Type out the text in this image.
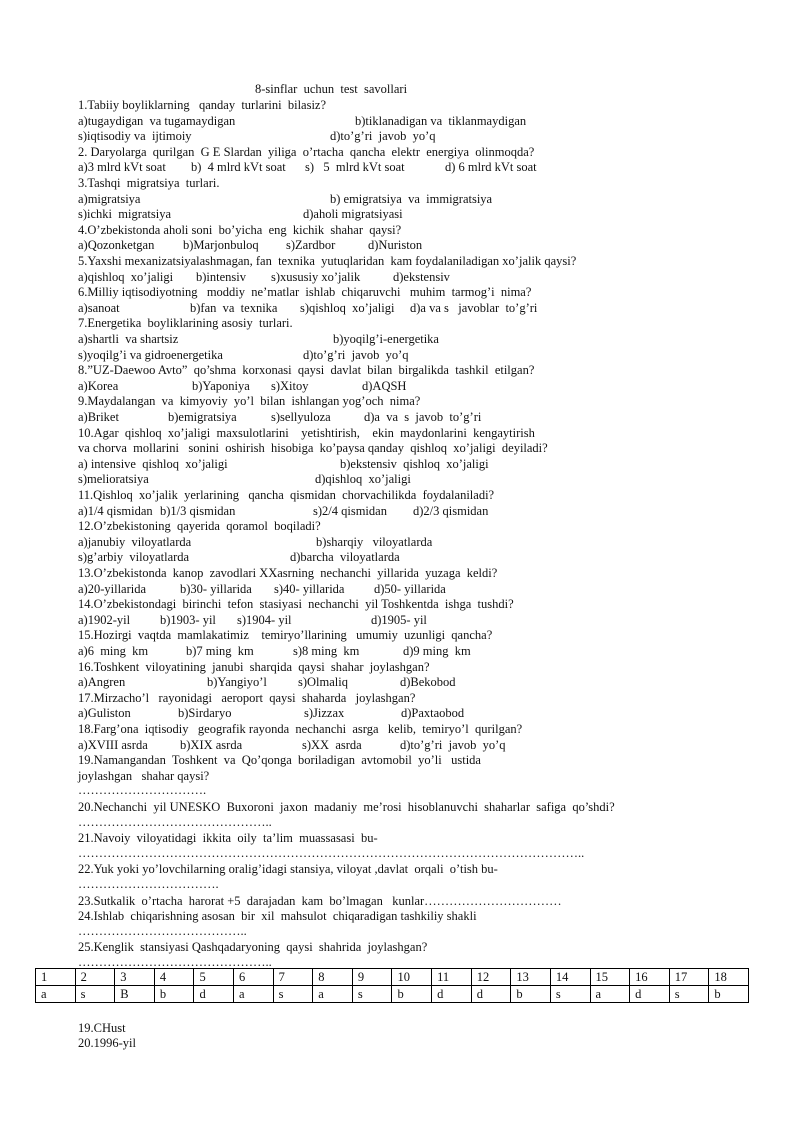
8-sinflar  uchun  test  savollari
1.Tabiiy boyliklarning   qanday  turlarini  bilasiz?
a)tugaydigan  va tugamaydigan	b)tiklanadigan va  tiklanmaydigan
s)iqtisodiy va  ijtimoiy	d)to’g’ri  javob  yo’q
2. Daryolarga  qurilgan  G E Slardan  yiliga  o’rtacha  qancha  elektr  energiya  olinmoqda?
a)3 mlrd kVt soat b)  4 mlrd kVt soat s)   5  mlrd kVt soat	d) 6 mlrd kVt soat
3.Tashqi  migratsiya  turlari.
a)migratsiya	b) emigratsiya  va  immigratsiya
s)ichki  migratsiya	d)aholi migratsiyasi
4.O’zbekistonda aholi soni  bo’yicha  eng  kichik  shahar  qaysi?
a)Qozonketgan b)Marjonbuloq s)Zardbor	d)Nuriston
5.Yaxshi mexanizatsiyalashmagan, fan  texnika  yutuqlaridan  kam foydalaniladigan xo’jalik qaysi?
a)qishloq  xo’jaligi b)intensiv s)xususiy xo’jalik	d)ekstensiv
6.Milliy iqtisodiyotning   moddiy  ne’matlar  ishlab  chiqaruvchi   muhim  tarmog’i  nima?
a)sanoat	b)fan  va  texnika s)qishloq  xo’jaligi d)a va s   javoblar  to’g’ri
7.Energetika  boyliklarining asosiy  turlari.
a)shartli  va shartsiz	b)yoqilg’i-energetika
s)yoqilg’i va gidroenergetika	d)to’g’ri  javob  yo’q
8.”UZ-Daewoo Avto”  qo’shma  korxonasi  qaysi  davlat  bilan  birgalikda  tashkil  etilgan?
a)Korea	b)Yaponiya s)Xitoy	d)AQSH
9.Maydalangan  va  kimyoviy  yo’l  bilan  ishlangan yog’och  nima?
a)Briket	b)emigratsiya	s)sellyuloza	d)a  va  s  javob  to’g’ri
10.Agar  qishloq  xo’jaligi  maxsulotlarini    yetishtirish,    ekin  maydonlarini  kengaytirish
va chorva  mollarini   sonini  oshirish  hisobiga  ko’paysa qanday  qishloq  xo’jaligi  deyiladi?
a) intensive  qishloq  xo’jaligi	b)ekstensiv  qishloq  xo’jaligi
s)melioratsiya	d)qishloq  xo’jaligi
11.Qishloq  xo’jalik  yerlarining   qancha  qismidan  chorvachilikda  foydalaniladi?
a)1/4 qismidan b)1/3 qismidan	s)2/4 qismidan d)2/3 qismidan
12.O’zbekistoning  qayerida  qoramol  boqiladi?
a)janubiy  viloyatlarda	b)sharqiy   viloyatlarda
s)g’arbiy  viloyatlarda	d)barcha  viloyatlarda
13.O’zbekistonda  kanop  zavodlari XXasrning  nechanchi  yillarida  yuzaga  keldi?
a)20-yillarida	b)30- yillarida s)40- yillarida d)50- yillarida
14.O’zbekistondagi  birinchi  tefon  stasiyasi  nechanchi  yil Toshkentda  ishga  tushdi?
a)1902-yil b)1903- yil s)1904- yil	d)1905- yil
15.Hozirgi  vaqtda  mamlakatimiz    temiryo’llarining   umumiy  uzunligi  qancha?
a)6  ming  km	b)7 ming  km	s)8 ming  km	d)9 ming  km
16.Toshkent  viloyatining  janubi  sharqida  qaysi  shahar  joylashgan?
a)Angren	b)Yangiyo’l s)Olmaliq	d)Bekobod
17.Mirzacho’l   rayonidagi   aeroport  qaysi  shaharda   joylashgan?
a)Guliston	b)Sirdaryo	s)Jizzax	d)Paxtaobod
18.Farg’ona  iqtisodiy   geografik rayonda  nechanchi  asrga   kelib,  temiryo’l  qurilgan?
a)XVIII asrda	b)XIX asrda	s)XX  asrda	d)to’g’ri  javob  yo’q
19.Namangandan  Toshkent  va  Qo’qonga  boriladigan  avtomobil  yo’li   ustida
joylashgan   shahar qaysi?
………………………….
20.Nechanchi  yil UNESKO  Buxoroni  jaxon  madaniy  me’rosi  hisoblanuvchi  shaharlar  safiga  qo’shdi?
………………………………………..
21.Navoiy  viloyatidagi  ikkita  oily  ta’lim  muassasasi  bu-
…………………………………………………………………………………………………………..
22.Yuk yoki yo’lovchilarning oralig’idagi stansiya, viloyat ,davlat  orqali  o’tish bu-
…………………………….
23.Sutkalik  o’rtacha  harorat +5  darajadan  kam  bo’lmagan   kunlar……………………………
24.Ishlab  chiqarishning asosan  bir  xil  mahsulot  chiqaradigan tashkiliy shakli
…………………………………..
25.Kenglik  stansiyasi Qashqadaryoning  qaysi  shahrida  joylashgan?
………………………………………..
1	2	3	4	5	6	7	8	9	10	11	12	13	14	15	16	17	18
a	s	B	b	d	a	s	a	s	b	d	d	b	s	a	d	s	b
19.CHust
20.1996-yil
